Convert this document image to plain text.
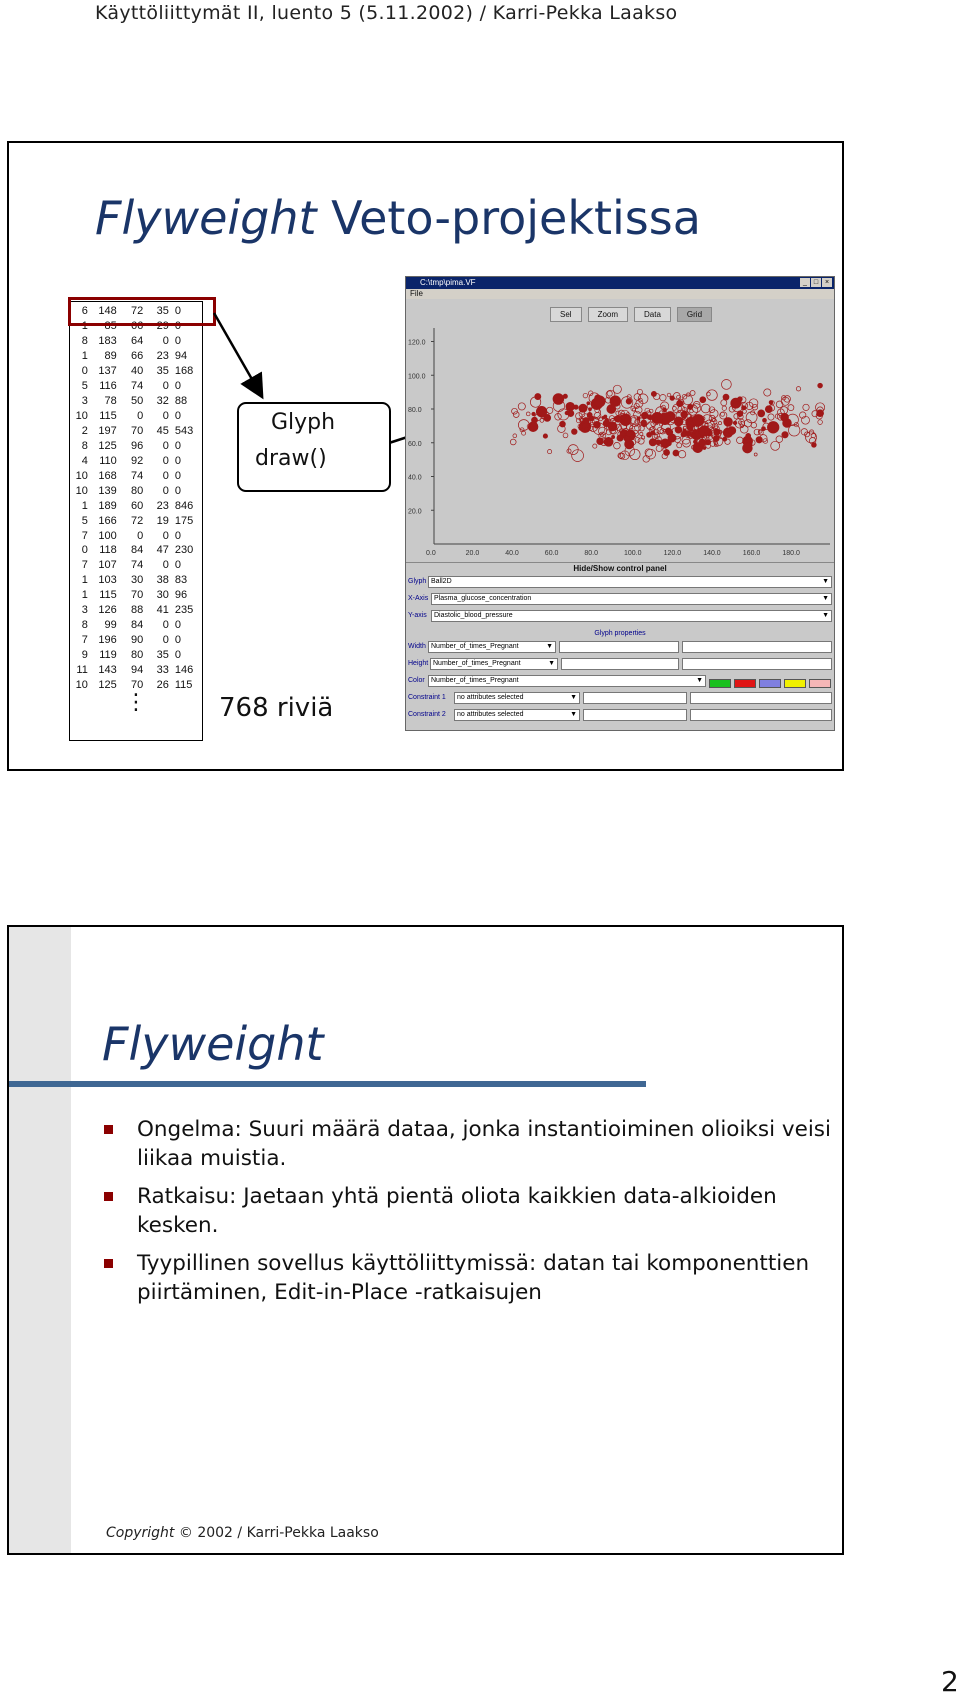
Käyttöliittymät II, luento 5 (5.11.2002) / Karri-Pekka Laakso
Flyweight Veto-projektissa
6	148	72	35	0
1	85	66	29	0
8	183	64	0	0
1	89	66	23	94
0	137	40	35	168
5	116	74	0	0
3	78	50	32	88
10	115	0	0	0
2	197	70	45	543
8	125	96	0	0
4	110	92	0	0
10	168	74	0	0
10	139	80	0	0
1	189	60	23	846
5	166	72	19	175
7	100	0	0	0
0	118	84	47	230
7	107	74	0	0
1	103	30	38	83
1	115	70	30	96
3	126	88	41	235
8	99	84	0	0
7	196	90	0	0
9	119	80	35	0
11	143	94	33	146
10	125	70	26	115
⋮
Glyph
draw()
768 riviä
C:\tmp\pima.VF	_ □ ×
File
Sel	Zoom	Data	Grid
120.0
100.0
80.0
60.0
40.0
20.0
0.0	20.0	40.0	60.0	80.0	100.0	120.0	140.0	160.0	180.0
Hide/Show control panel
Glyph Ball2D	▼
X-Axis Plasma_glucose_concentration	▼
Y-axis	Diastolic_blood_pressure	▼
Glyph properties
Width Number_of_times_Pregnant	▼
Height Number_of_times_Pregnant	▼
Color Number_of_times_Pregnant	▼
Constraint 1	no attributes selected	▼
Constraint 2	no attributes selected	▼
Flyweight
Ongelma: Suuri määrä dataa, jonka instantioiminen olioiksi veisi liikaa muistia.
Ratkaisu: Jaetaan yhtä pientä oliota kaikkien data-alkioiden kesken.
Tyypillinen sovellus käyttöliittymissä: datan tai komponenttien piirtäminen, Edit-in-Place -ratkaisujen
Copyright © 2002 / Karri-Pekka Laakso
2
